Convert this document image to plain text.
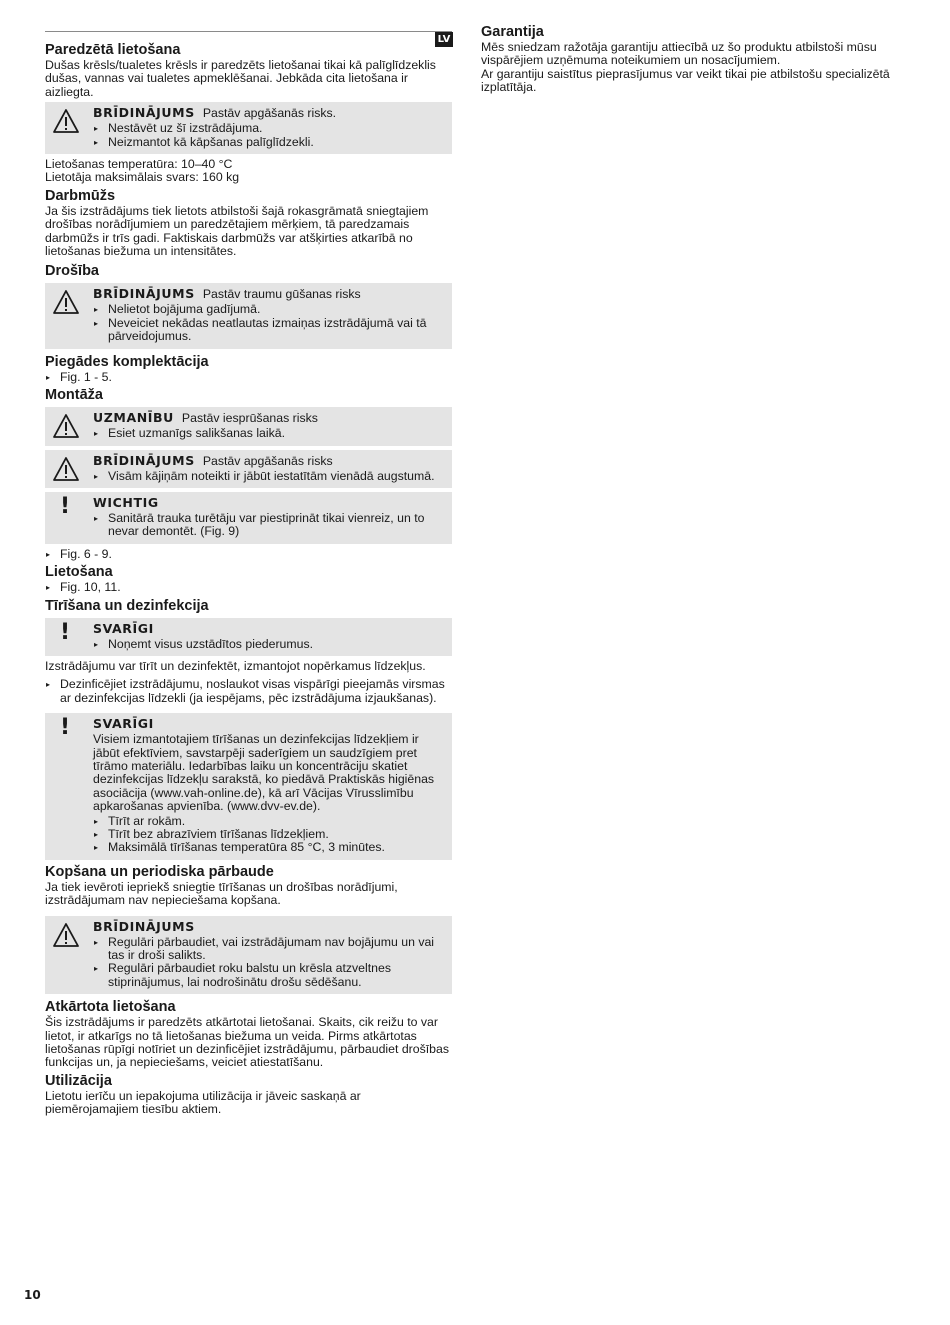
LV
Paredzētā lietošana

Dušas krēsls/tualetes krēsls ir paredzēts lietošanai tikai kā palīglīdzeklis dušas, vannas vai tualetes apmeklēšanai. Jebkāda cita lietošana ir aizliegta.

BRĪDINĀJUMS Pastāv apgāšanās risks.
▸ Nestāvēt uz šī izstrādājuma.
▸ Neizmantot kā kāpšanas palīglīdzekli.

Lietošanas temperatūra: 10–40 °C

Lietotāja maksimālais svars: 160 kg

Darbmūžs

Ja šis izstrādājums tiek lietots atbilstoši šajā rokasgrāmatā sniegtajiem drošības norādījumiem un paredzētajiem mērķiem, tā paredzamais darbmūžs ir trīs gadi. Faktiskais darbmūžs var atšķirties atkarībā no lietošanas biežuma un intensitātes.

Drošība
BRĪDINĀJUMS Pastāv traumu gūšanas risks
▸ Nelietot bojājuma gadījumā.
▸ Neveiciet nekādas neatlautas izmaiņas izstrādājumā vai tā pārveidojumus.
Piegādes komplektācija
▸ Fig. 1 - 5.
Montāža
UZMANĪBU Pastāv iesprūšanas risks
▸ Esiet uzmanīgs salikšanas laikā.
BRĪDINĀJUMS Pastāv apgāšanās risks
▸ Visām kājiņām noteikti ir jābūt iestatītām vienādā augstumā.
! WICHTIG
▸ Sanitārā trauka turētāju var piestiprināt tikai vienreiz, un to nevar demontēt. (Fig. 9)
▸ Fig. 6 - 9.
Lietošana
▸ Fig. 10, 11.
Tīrīšana un dezinfekcija
! SVARĪGI
▸ Noņemt visus uzstādītos piederumus.

Izstrādājumu var tīrīt un dezinfektēt, izmantojot nopērkamus līdzekļus.

▸ Dezinficējiet izstrādājumu, noslaukot visas vispārīgi pieejamās virsmas ar dezinfekcijas līdzekli (ja iespējams, pēc izstrādājuma izjaukšanas).
! SVARĪGI

Visiem izmantotajiem tīrīšanas un dezinfekcijas līdzekļiem ir jābūt efektīviem, savstarpēji saderīgiem un saudzīgiem pret tīrāmo materiālu. Iedarbības laiku un koncentrāciju skatiet dezinfekcijas līdzekļu sarakstā, ko piedāvā Praktiskās higiēnas asociācija (www.vah-online.de), kā arī Vācijas Vīrusslimību apkarošanas apvienība. (www.dvv-ev.de).

▸ Tīrīt ar rokām.
▸ Tīrīt bez abrazīviem tīrīšanas līdzekļiem.
▸ Maksimālā tīrīšanas temperatūra 85 °C, 3 minūtes.
Kopšana un periodiska pārbaude

Ja tiek ievēroti iepriekš sniegtie tīrīšanas un drošības norādījumi, izstrādājumam nav nepieciešama kopšana.

BRĪDINĀJUMS
▸ Regulāri pārbaudiet, vai izstrādājumam nav bojājumu un vai tas ir droši salikts.
▸ Regulāri pārbaudiet roku balstu un krēsla atzveltnes stiprinājumus, lai nodrošinātu drošu sēdēšanu.
Atkārtota lietošana

Šis izstrādājums ir paredzēts atkārtotai lietošanai. Skaits, cik reižu to var lietot, ir atkarīgs no tā lietošanas biežuma un veida. Pirms atkārtotas lietošanas rūpīgi notīriet un dezinficējiet izstrādājumu, pārbaudiet drošības funkcijas un, ja nepieciešams, veiciet atiestatīšanu.

Utilizācija

Lietotu ierīču un iepakojuma utilizācija ir jāveic saskaņā ar piemērojamajiem tiesību aktiem.

Garantija

Mēs sniedzam ražotāja garantiju attiecībā uz šo produktu atbilstoši mūsu vispārējiem uzņēmuma noteikumiem un nosacījumiem.

Ar garantiju saistītus pieprasījumus var veikt tikai pie atbilstošu specializētā izplatītāja.

10
